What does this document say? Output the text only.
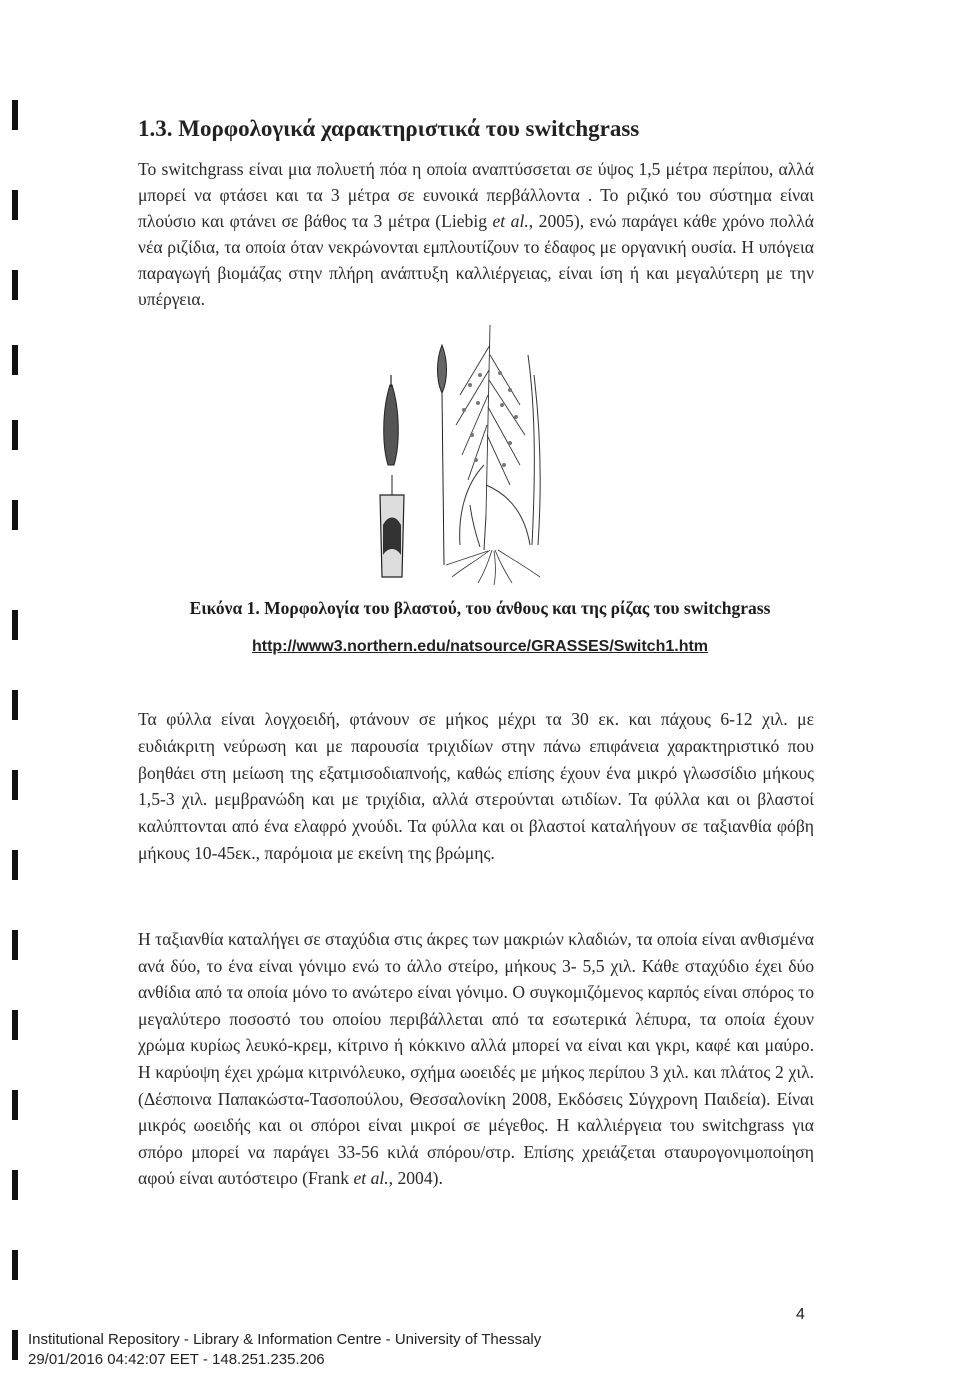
1.3. Μορφολογικά χαρακτηριστικά του switchgrass
Το switchgrass είναι μια πολυετή πόα η οποία αναπτύσσεται σε ύψος 1,5 μέτρα περίπου, αλλά μπορεί να φτάσει και τα 3 μέτρα σε ευνοικά περβάλλοντα . Το ριζικό του σύστημα είναι πλούσιο και φτάνει σε βάθος τα 3 μέτρα (Liebig et al., 2005), ενώ παράγει κάθε χρόνο πολλά νέα ριζίδια, τα οποία όταν νεκρώνονται εμπλουτίζουν το έδαφος με οργανική ουσία. Η υπόγεια παραγωγή βιομάζας στην πλήρη ανάπτυξη καλλιέργειας, είναι ίση ή και μεγαλύτερη με την υπέργεια.
Εικόνα 1. Μορφολογία του βλαστού, του άνθους και της ρίζας του switchgrass
http://www3.northern.edu/natsource/GRASSES/Switch1.htm
Τα φύλλα είναι λογχοειδή, φτάνουν σε μήκος μέχρι τα 30 εκ. και πάχους 6-12 χιλ. με ευδιάκριτη νεύρωση και με παρουσία τριχιδίων στην πάνω επιφάνεια χαρακτηριστικό που βοηθάει στη μείωση της εξατμισοδιαπνοής, καθώς επίσης έχουν ένα μικρό γλωσσίδιο μήκους 1,5-3 χιλ. μεμβρανώδη και με τριχίδια, αλλά στερούνται ωτιδίων. Τα φύλλα και οι βλαστοί καλύπτονται από ένα ελαφρό χνούδι. Τα φύλλα και οι βλαστοί καταλήγουν σε ταξιανθία φόβη μήκους 10-45εκ., παρόμοια με εκείνη της βρώμης.
Η ταξιανθία καταλήγει σε σταχύδια στις άκρες των μακριών κλαδιών, τα οποία είναι ανθισμένα ανά δύο, το ένα είναι γόνιμο ενώ το άλλο στείρο, μήκους 3- 5,5 χιλ. Κάθε σταχύδιο έχει δύο ανθίδια από τα οποία μόνο το ανώτερο είναι γόνιμο. Ο συγκομιζόμενος καρπός είναι σπόρος το μεγαλύτερο ποσοστό του οποίου περιβάλλεται από τα εσωτερικά λέπυρα, τα οποία έχουν χρώμα κυρίως λευκό-κρεμ, κίτρινο ή κόκκινο αλλά μπορεί να είναι και γκρι, καφέ και μαύρο. Η καρύοψη έχει χρώμα κιτρινόλευκο, σχήμα ωοειδές με μήκος περίπου 3 χιλ. και πλάτος 2 χιλ. (Δέσποινα Παπακώστα-Τασοπούλου, Θεσσαλονίκη 2008, Εκδόσεις Σύγχρονη Παιδεία). Είναι μικρός ωοειδής και οι σπόροι είναι μικροί σε μέγεθος. Η καλλιέργεια του switchgrass για σπόρο μπορεί να παράγει 33-56 κιλά σπόρου/στρ. Επίσης χρειάζεται σταυρογονιμοποίηση αφού είναι αυτόστειρο (Frank et al., 2004).
4
Institutional Repository - Library & Information Centre - University of Thessaly
29/01/2016 04:42:07 EET - 148.251.235.206
